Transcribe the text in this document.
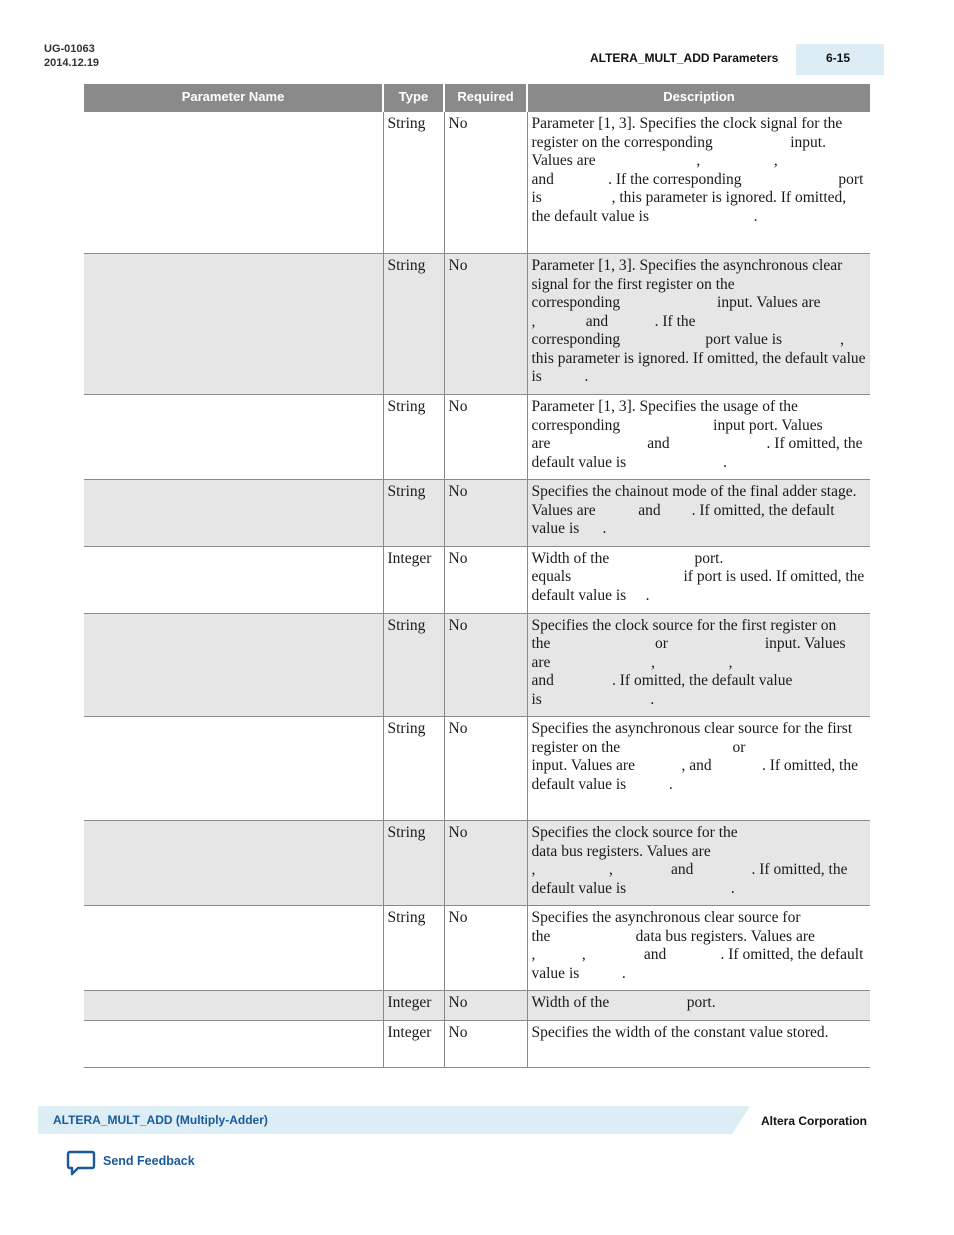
UG-01063
2014.12.19	ALTERA_MULT_ADD Parameters	6-15
Parameter Name	Type	Required	Description
	String	No	Parameter [1, 3]. Specifies the clock signal for the register on the corresponding                    input. Values are                          ,                   ,              and              . If the corresponding                         port is                  , this parameter is ignored. If omitted, the default value is                           .
	String	No	Parameter [1, 3]. Specifies the asynchronous clear signal for the first register on the corresponding                         input. Values are           ,             and            . If the corresponding                      port value is               , this parameter is ignored. If omitted, the default value is           .
	String	No	Parameter [1, 3]. Specifies the usage of the corresponding                        input port. Values are                         and                         . If omitted, the default value is                         .
	String	No	Specifies the chainout mode of the final adder stage. Values are           and        . If omitted, the default value is      .
	Integer	No	Width of the                      port.                            equals                             if port is used. If omitted, the default value is     .
	String	No	Specifies the clock source for the first register on the                           or                         input. Values are                          ,                   ,               and               . If omitted, the default value is                            .
	String	No	Specifies the asynchronous clear source for the first register on the                             or                          input. Values are            , and             . If omitted, the default value is           .
	String	No	Specifies the clock source for the                           data bus registers. Values are                                       ,                   ,               and               . If omitted, the default value is                           .
	String	No	Specifies the asynchronous clear source for the                      data bus registers. Values are         ,            ,               and              . If omitted, the default value is           .
	Integer	No	Width of the                    port.
	Integer	No	Specifies the width of the constant value stored.
ALTERA_MULT_ADD (Multiply-Adder)	Altera Corporation
Send Feedback
